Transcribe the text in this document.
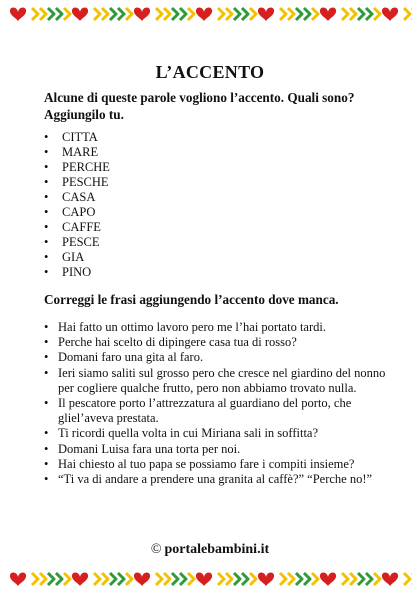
L’ACCENTO
Alcune di queste parole vogliono l’accento. Quali sono? Aggiungilo tu.
• CITTA
• MARE
• PERCHE
• PESCHE
• CASA
• CAPO
• CAFFE
• PESCE
• GIA
• PINO
Correggi le frasi aggiungendo l’accento dove manca.
• Hai fatto un ottimo lavoro pero me l’hai portato tardi.
• Perche hai scelto di dipingere casa tua di rosso?
• Domani faro una gita al faro.
• Ieri siamo saliti sul grosso pero che cresce nel giardino del nonno per cogliere qualche frutto, pero non abbiamo trovato nulla.
• Il pescatore porto l’attrezzatura al guardiano del porto, che gliel’aveva prestata.
• Ti ricordi quella volta in cui Miriana sali in soffitta?
• Domani Luisa fara una torta per noi.
• Hai chiesto al tuo papa se possiamo fare i compiti insieme?
• “Ti va di andare a prendere una granita al caffè?” “Perche no!”
© portalebambini.it
